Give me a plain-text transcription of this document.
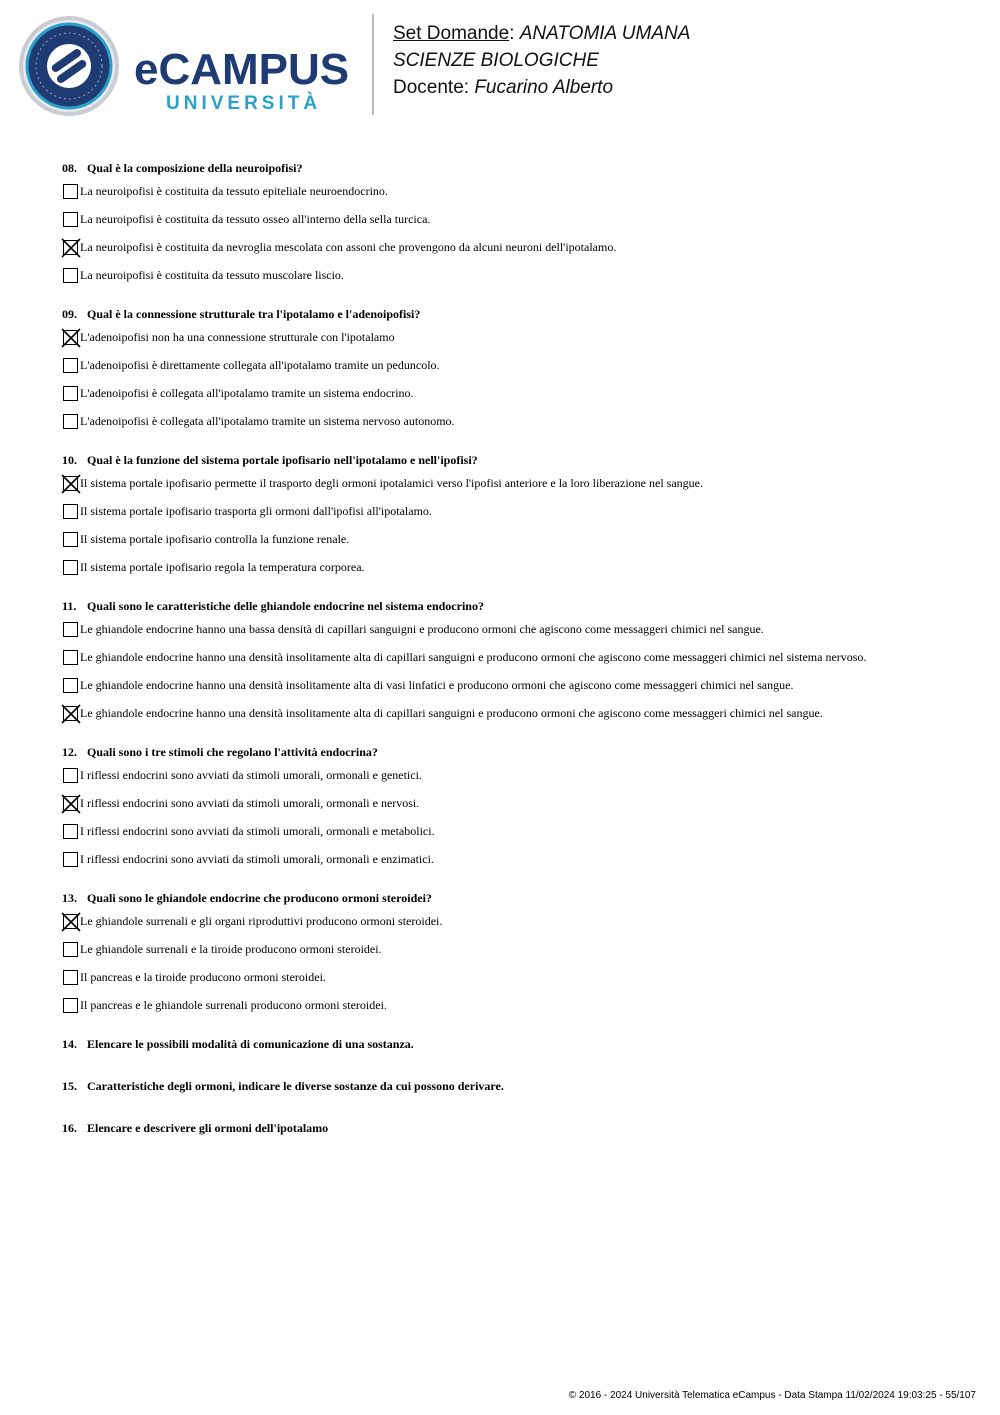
eCAMPUS
UNIVERSITÀ
Set Domande: ANATOMIA UMANA
SCIENZE BIOLOGICHE
Docente: Fucarino Alberto
08. Qual è la composizione della neuroipofisi?
La neuroipofisi è costituita da tessuto epiteliale neuroendocrino.
La neuroipofisi è costituita da tessuto osseo all'interno della sella turcica.
La neuroipofisi è costituita da nevroglia mescolata con assoni che provengono da alcuni neuroni dell'ipotalamo.
La neuroipofisi è costituita da tessuto muscolare liscio.
09. Qual è la connessione strutturale tra l'ipotalamo e l'adenoipofisi?
L'adenoipofisi non ha una connessione strutturale con l'ipotalamo
L'adenoipofisi è direttamente collegata all'ipotalamo tramite un peduncolo.
L'adenoipofisi è collegata all'ipotalamo tramite un sistema endocrino.
L'adenoipofisi è collegata all'ipotalamo tramite un sistema nervoso autonomo.
10. Qual è la funzione del sistema portale ipofisario nell'ipotalamo e nell'ipofisi?
Il sistema portale ipofisario permette il trasporto degli ormoni ipotalamici verso l'ipofisi anteriore e la loro liberazione nel sangue.
Il sistema portale ipofisario trasporta gli ormoni dall'ipofisi all'ipotalamo.
Il sistema portale ipofisario controlla la funzione renale.
Il sistema portale ipofisario regola la temperatura corporea.
11. Quali sono le caratteristiche delle ghiandole endocrine nel sistema endocrino?
Le ghiandole endocrine hanno una bassa densità di capillari sanguigni e producono ormoni che agiscono come messaggeri chimici nel sangue.
Le ghiandole endocrine hanno una densità insolitamente alta di capillari sanguigni e producono ormoni che agiscono come messaggeri chimici nel sistema nervoso.
Le ghiandole endocrine hanno una densità insolitamente alta di vasi linfatici e producono ormoni che agiscono come messaggeri chimici nel sangue.
Le ghiandole endocrine hanno una densità insolitamente alta di capillari sanguigni e producono ormoni che agiscono come messaggeri chimici nel sangue.
12. Quali sono i tre stimoli che regolano l'attività endocrina?
I riflessi endocrini sono avviati da stimoli umorali, ormonali e genetici.
I riflessi endocrini sono avviati da stimoli umorali, ormonali e nervosi.
I riflessi endocrini sono avviati da stimoli umorali, ormonali e metabolici.
I riflessi endocrini sono avviati da stimoli umorali, ormonali e enzimatici.
13. Quali sono le ghiandole endocrine che producono ormoni steroidei?
Le ghiandole surrenali e gli organi riproduttivi producono ormoni steroidei.
Le ghiandole surrenali e la tiroide producono ormoni steroidei.
Il pancreas e la tiroide producono ormoni steroidei.
Il pancreas e le ghiandole surrenali producono ormoni steroidei.
14. Elencare le possibili modalità di comunicazione di una sostanza.
15. Caratteristiche degli ormoni, indicare le diverse sostanze da cui possono derivare.
16. Elencare e descrivere gli ormoni dell'ipotalamo
© 2016 - 2024 Università Telematica eCampus - Data Stampa 11/02/2024 19:03:25 - 55/107
